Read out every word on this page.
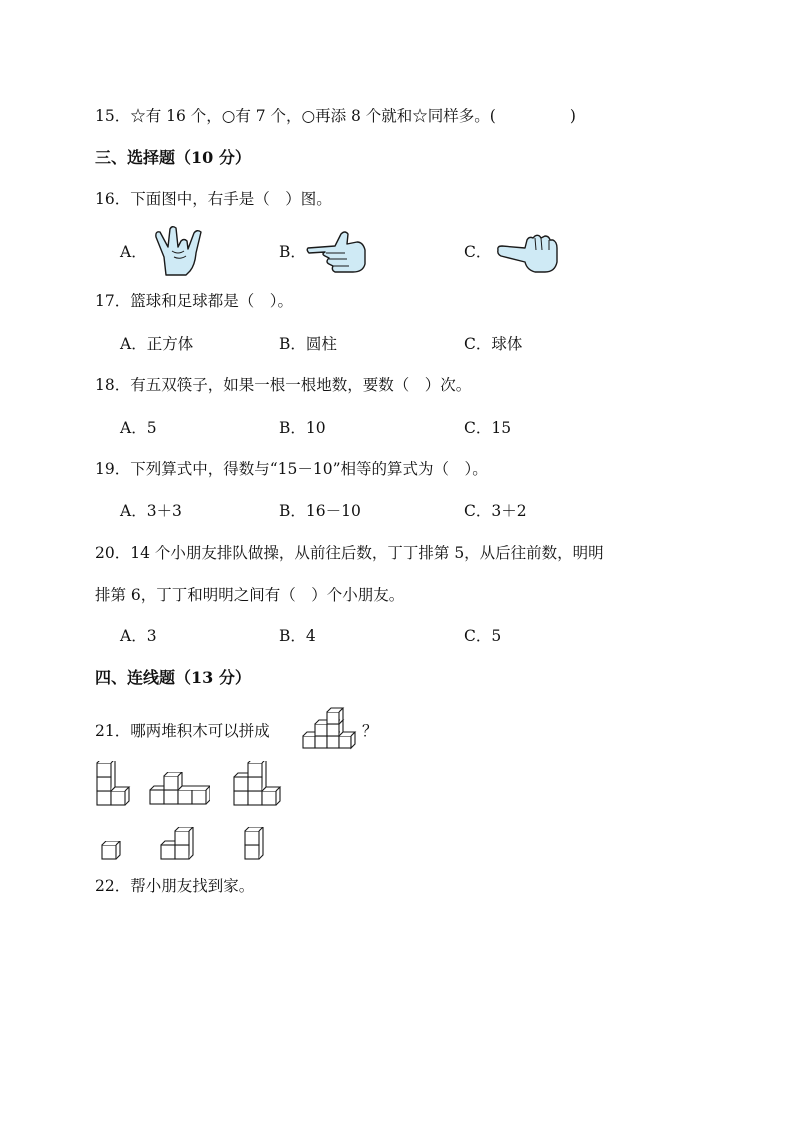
15．☆有 16 个，○有 7 个，○再添 8 个就和☆同样多。(	)
三、选择题（10 分）
16．下面图中，右手是（　）图。
A．	B．	C．
17．篮球和足球都是（　）。
A．正方体	B．圆柱	C．球体
18．有五双筷子，如果一根一根地数，要数（　）次。
A．5	B．10	C．15
19．下列算式中，得数与“15－10”相等的算式为（　）。
A．3＋3	B．16－10	C．3＋2
20．14 个小朋友排队做操，从前往后数，丁丁排第 5，从后往前数，明明
排第 6，丁丁和明明之间有（　）个小朋友。
A．3	B．4	C．5
四、连线题（13 分）
21．哪两堆积木可以拼成	？
22．帮小朋友找到家。
